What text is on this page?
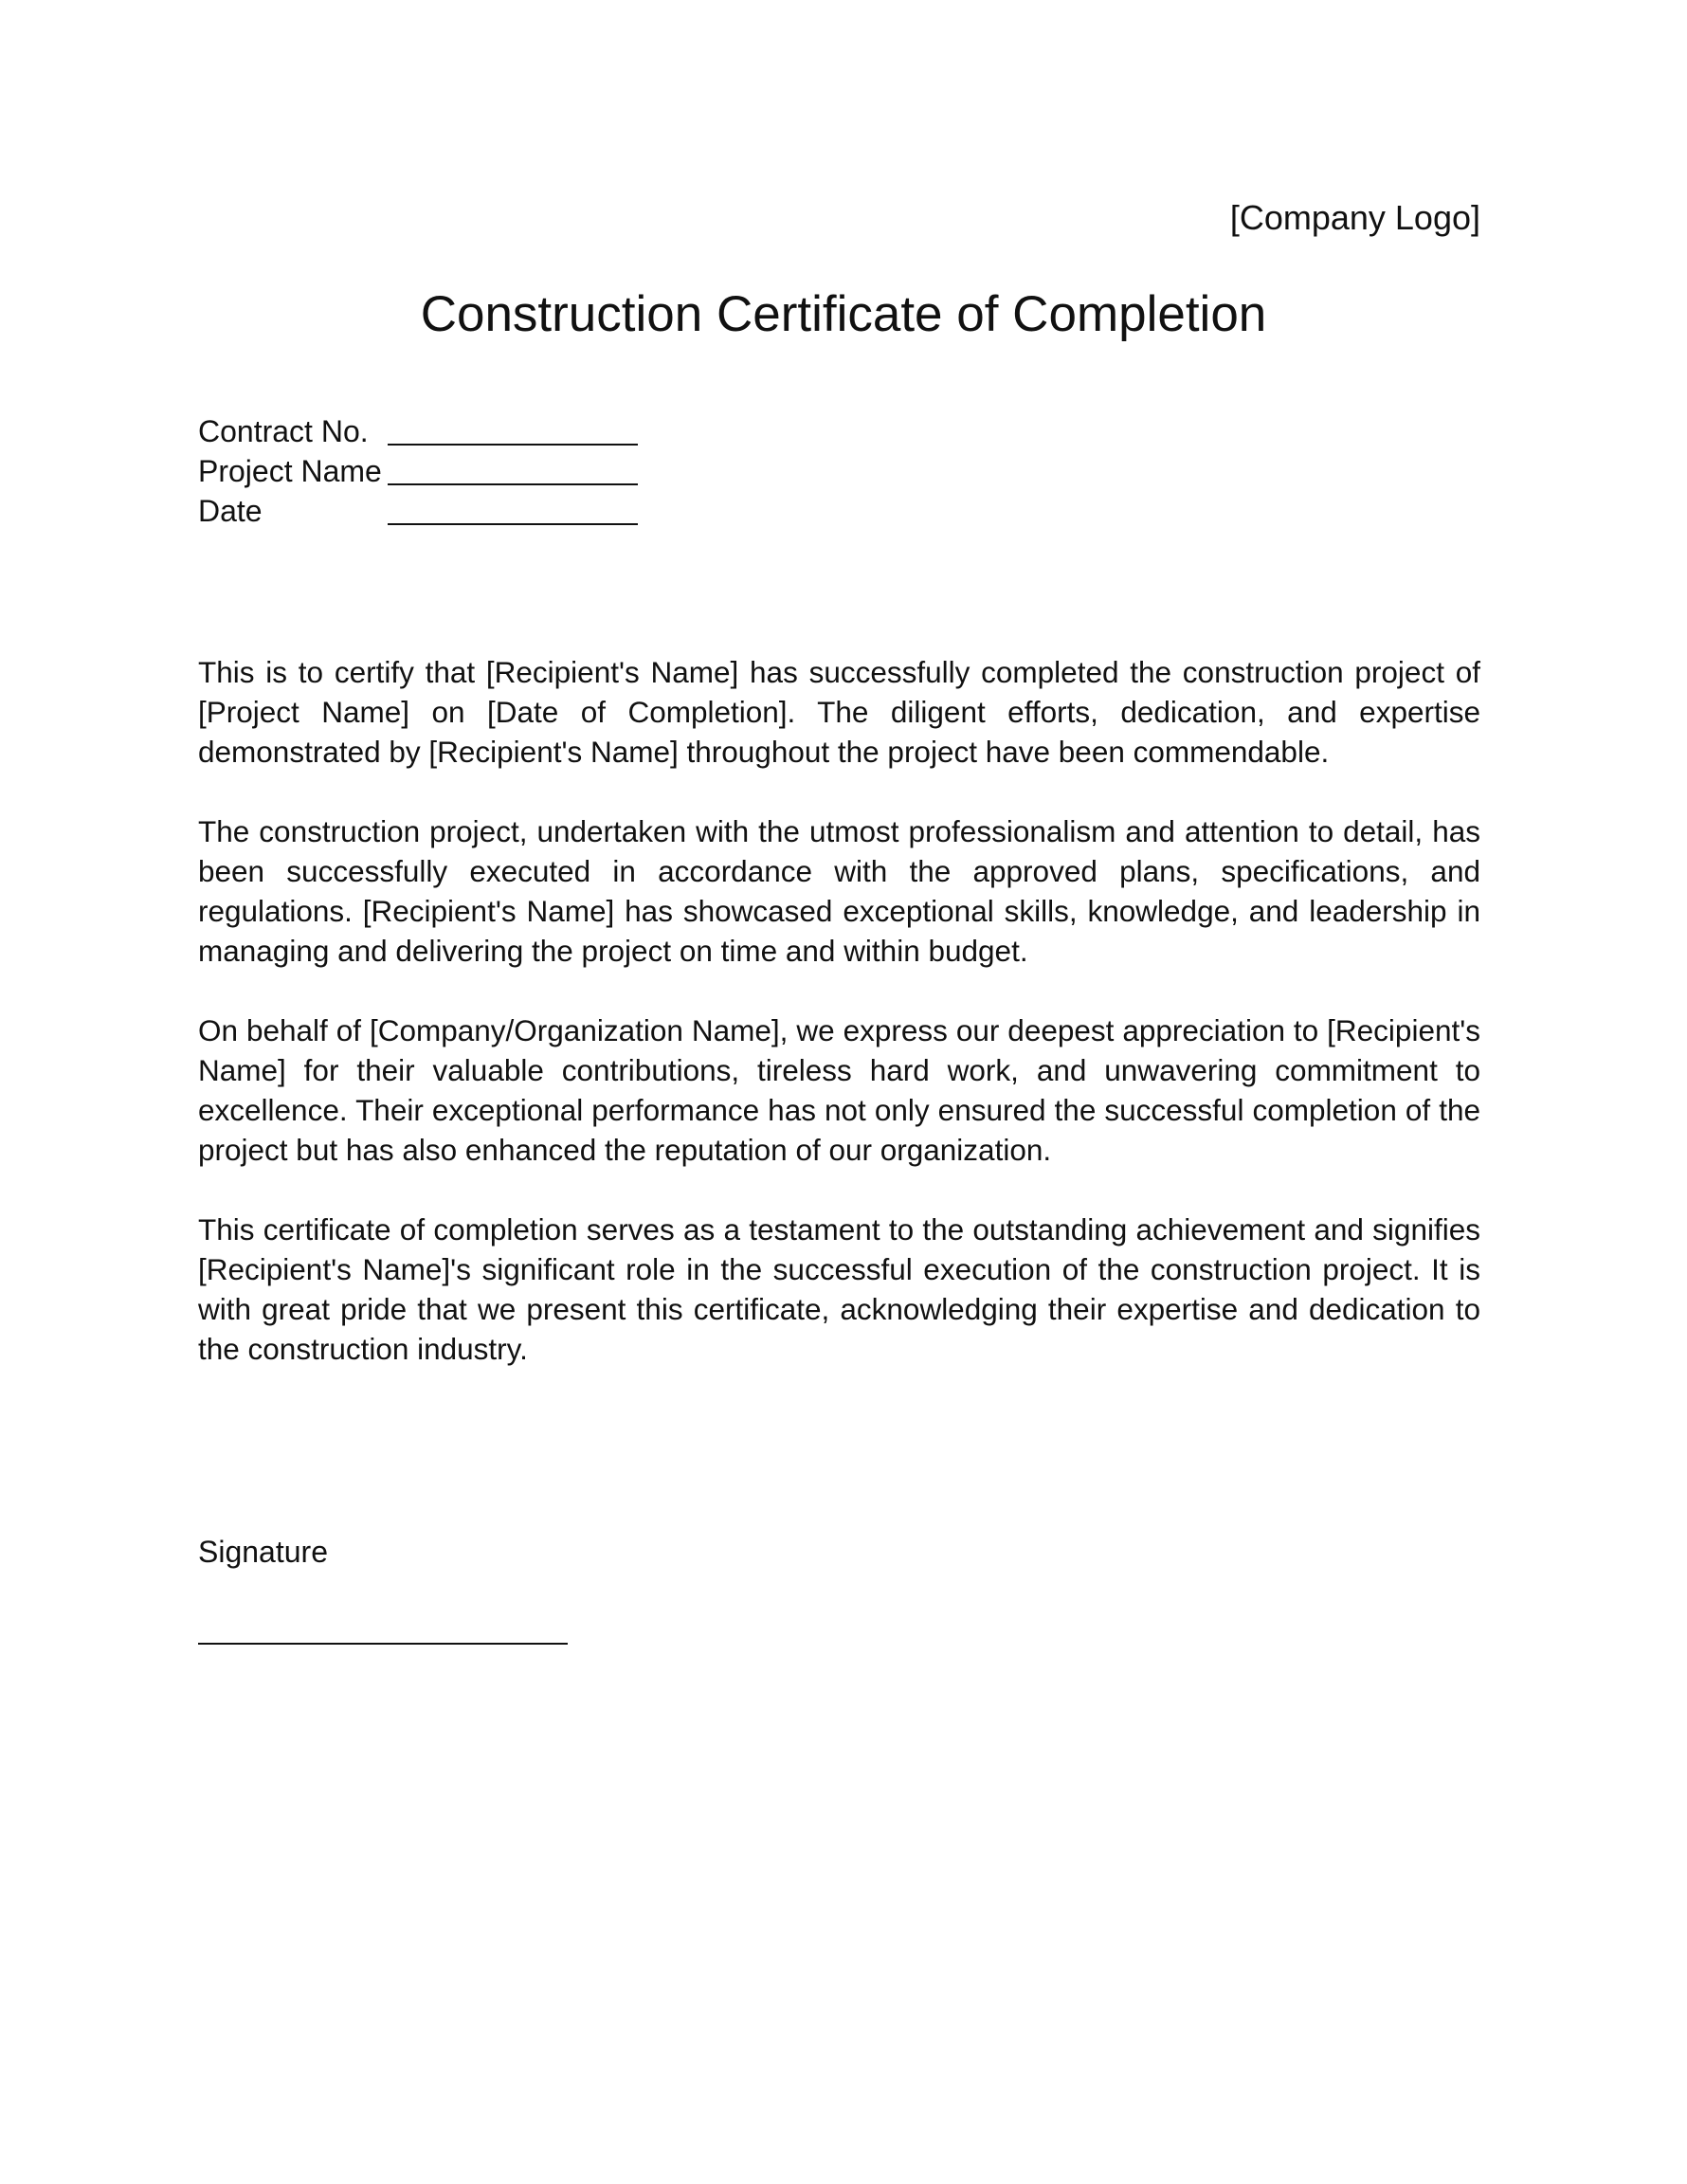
[Company Logo]
Construction Certificate of Completion
Contract No.
Project Name
Date

This is to certify that [Recipient's Name] has successfully completed the construction project of [Project Name] on [Date of Completion]. The diligent efforts, dedication, and expertise demonstrated by [Recipient's Name] throughout the project have been commendable.

The construction project, undertaken with the utmost professionalism and attention to detail, has been successfully executed in accordance with the approved plans, specifications, and regulations. [Recipient's Name] has showcased exceptional skills, knowledge, and leadership in managing and delivering the project on time and within budget.

On behalf of [Company/Organization Name], we express our deepest appreciation to [Recipient's Name] for their valuable contributions, tireless hard work, and unwavering commitment to excellence. Their exceptional performance has not only ensured the successful completion of the project but has also enhanced the reputation of our organization.

This certificate of completion serves as a testament to the outstanding achievement and signifies [Recipient's Name]'s significant role in the successful execution of the construction project. It is with great pride that we present this certificate, acknowledging their expertise and dedication to the construction industry.

Signature
